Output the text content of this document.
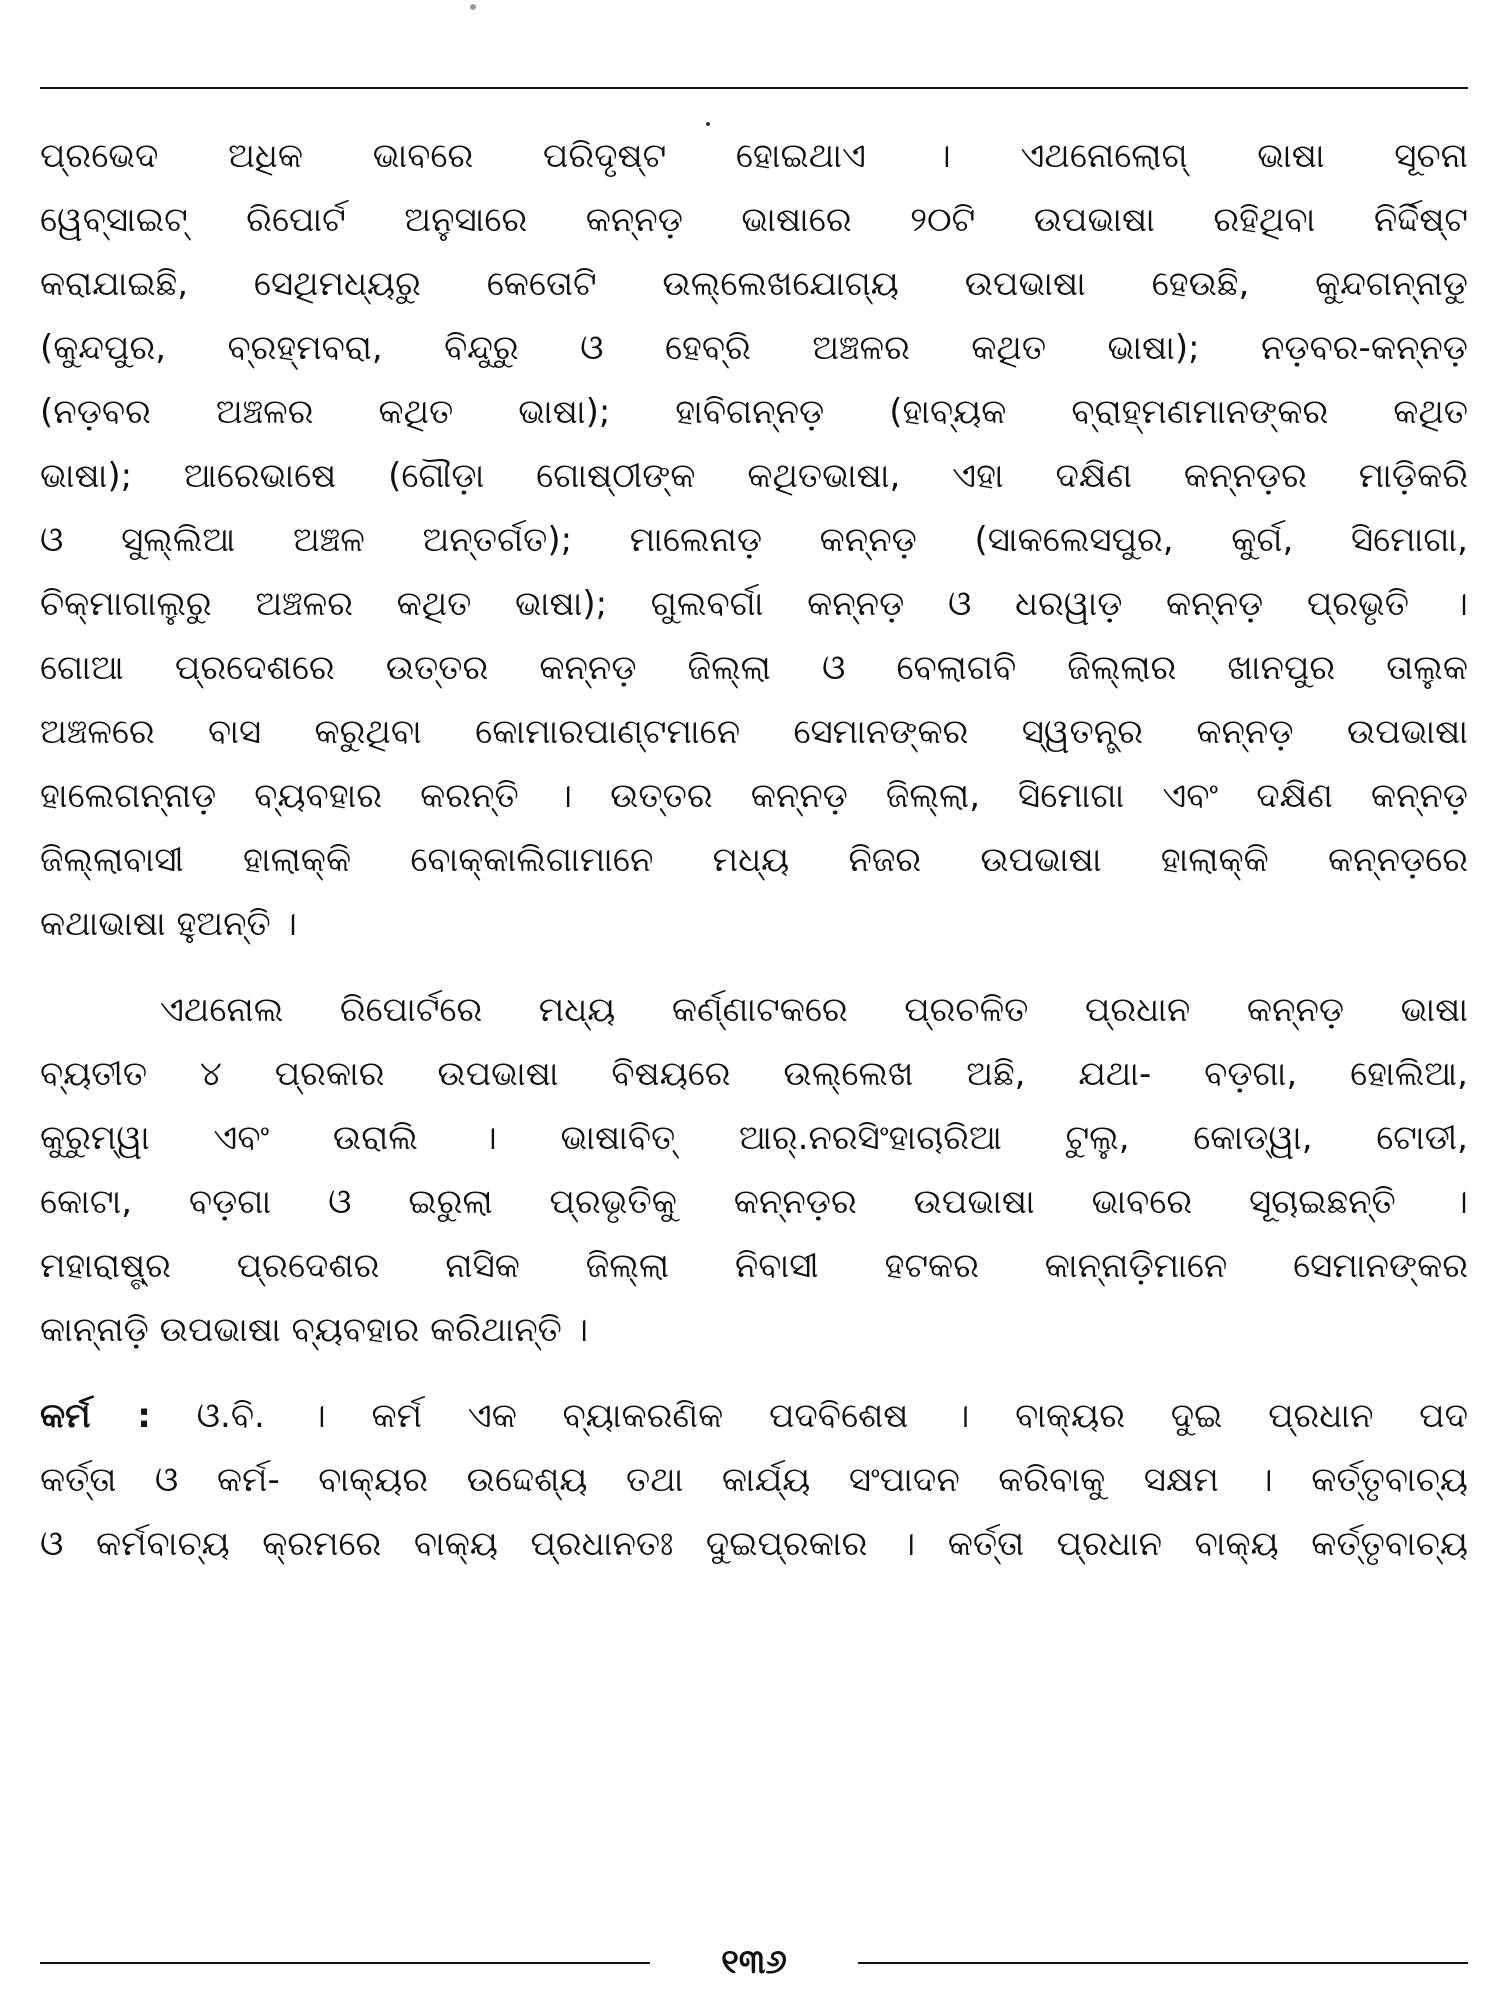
ପ୍ରଭେଦ ଅଧିକ ଭାବରେ ପରିଦୃଷ୍ଟ ହୋଇଥାଏ । ଏଥନୋଲୋଗ୍ ଭାଷା ସୂଚନା
ୱେବ୍‌ସାଇଟ୍ ରିପୋର୍ଟ ଅନୁସାରେ କନ୍ନଡ଼ ଭାଷାରେ ୨୦ଟି ଉପଭାଷା ରହିଥିବା ନିର୍ଦ୍ଦିଷ୍ଟ
କରାଯାଇଛି, ସେଥିମଧ୍ୟରୁ କେତୋଟି ଉଲ୍ଲେଖଯୋଗ୍ୟ ଉପଭାଷା ହେଉଛି, କୁନ୍ଦଗନ୍ନାଡୁ
(କୁନ୍ଦପୁର, ବ୍ରହ୍ମବରା, ବିନ୍ଦୁରୁ ଓ ହେବ୍ରି ଅଞ୍ଚଳର କଥିତ ଭାଷା); ନଡ଼ବର-କନ୍ନଡ଼
(ନଡ଼ବର ଅଞ୍ଚଳର କଥିତ ଭାଷା); ହାବିଗନ୍ନଡ଼ (ହାବ୍ୟକ ବ୍ରାହ୍ମଣମାନଙ୍କର କଥିତ
ଭାଷା); ଆରେଭାଷେ (ଗୌଡ଼ା ଗୋଷ୍ଠୀଙ୍କ କଥିତଭାଷା, ଏହା ଦକ୍ଷିଣ କନ୍ନଡ଼ର ମାଡ଼ିକରି
ଓ ସୁଲ୍ଲିଆ ଅଞ୍ଚଳ ଅନ୍ତର୍ଗତ); ମାଲେନାଡ଼ କନ୍ନଡ଼ (ସାକଲେସପୁର, କୁର୍ଗ, ସିମୋଗା,
ଚିକ୍‌ମାଗାଲୁରୁ ଅଞ୍ଚଳର କଥିତ ଭାଷା); ଗୁଲବର୍ଗା କନ୍ନଡ଼ ଓ ଧରୱାଡ଼ କନ୍ନଡ଼ ପ୍ରଭୃତି ।
ଗୋଆ ପ୍ରଦେଶରେ ଉତ୍ତର କନ୍ନଡ଼ ଜିଲ୍ଲା ଓ ବେଲାଗବି ଜିଲ୍ଲାର ଖାନପୁର ତାଲୁକ
ଅଞ୍ଚଳରେ ବାସ କରୁଥିବା କୋମାରପାଣ୍ଟମାନେ ସେମାନଙ୍କର ସ୍ୱତନ୍ତ୍ର କନ୍ନଡ଼ ଉପଭାଷା
ହାଲେଗନ୍ନାଡ଼ ବ୍ୟବହାର କରନ୍ତି । ଉତ୍ତର କନ୍ନଡ଼ ଜିଲ୍ଲା, ସିମୋଗା ଏବଂ ଦକ୍ଷିଣ କନ୍ନଡ଼
ଜିଲ୍ଲାବାସୀ ହାଲାକ୍କି ବୋକ୍କାଲିଗାମାନେ ମଧ୍ୟ ନିଜର ଉପଭାଷା ହାଲାକ୍କି କନ୍ନଡ଼ରେ
କଥାଭାଷା ହୁଅନ୍ତି ।
ଏଥନୋଲ ରିପୋର୍ଟରେ ମଧ୍ୟ କର୍ଣ୍ଣାଟକରେ ପ୍ରଚଳିତ ପ୍ରଧାନ କନ୍ନଡ଼ ଭାଷା
ବ୍ୟତୀତ ୪ ପ୍ରକାର ଉପଭାଷା ବିଷୟରେ ଉଲ୍ଲେଖ ଅଛି, ଯଥା- ବଡ଼ଗା, ହୋଲିଆ,
କୁରୁମ୍ୱା ଏବଂ ଉରାଲି । ଭାଷାବିତ୍ ଆର୍.ନରସିଂହାଚାରିଆ ଟୁଲୁ, କୋଡ୍ୱା, ଟୋଡୀ,
କୋଟା, ବଡ଼ଗା ଓ ଇରୁଲା ପ୍ରଭୃତିକୁ କନ୍ନଡ଼ର ଉପଭାଷା ଭାବରେ ସୂଚାଇଛନ୍ତି ।
ମହାରାଷ୍ଟ୍ର ପ୍ରଦେଶର ନାସିକ ଜିଲ୍ଲା ନିବାସୀ ହଟକର କାନ୍ନାଡ଼ିମାନେ ସେମାନଙ୍କର
କାନ୍ନାଡ଼ି ଉପଭାଷା ବ୍ୟବହାର କରିଥାନ୍ତି ।
କର୍ମ : ଓ.ବି. । କର୍ମ ଏକ ବ୍ୟାକରଣିକ ପଦବିଶେଷ । ବାକ୍ୟର ଦୁଇ ପ୍ରଧାନ ପଦ
କର୍ତ୍ତା ଓ କର୍ମ- ବାକ୍ୟର ଉଦ୍ଦେଶ୍ୟ ତଥା କାର୍ଯ୍ୟ ସଂପାଦନ କରିବାକୁ ସକ୍ଷମ । କର୍ତ୍ତୃବାଚ୍ୟ
ଓ କର୍ମବାଚ୍ୟ କ୍ରମରେ ବାକ୍ୟ ପ୍ରଧାନତଃ ଦୁଇପ୍ରକାର । କର୍ତ୍ତା ପ୍ରଧାନ ବାକ୍ୟ କର୍ତ୍ତୃବାଚ୍ୟ
୧୩୬
